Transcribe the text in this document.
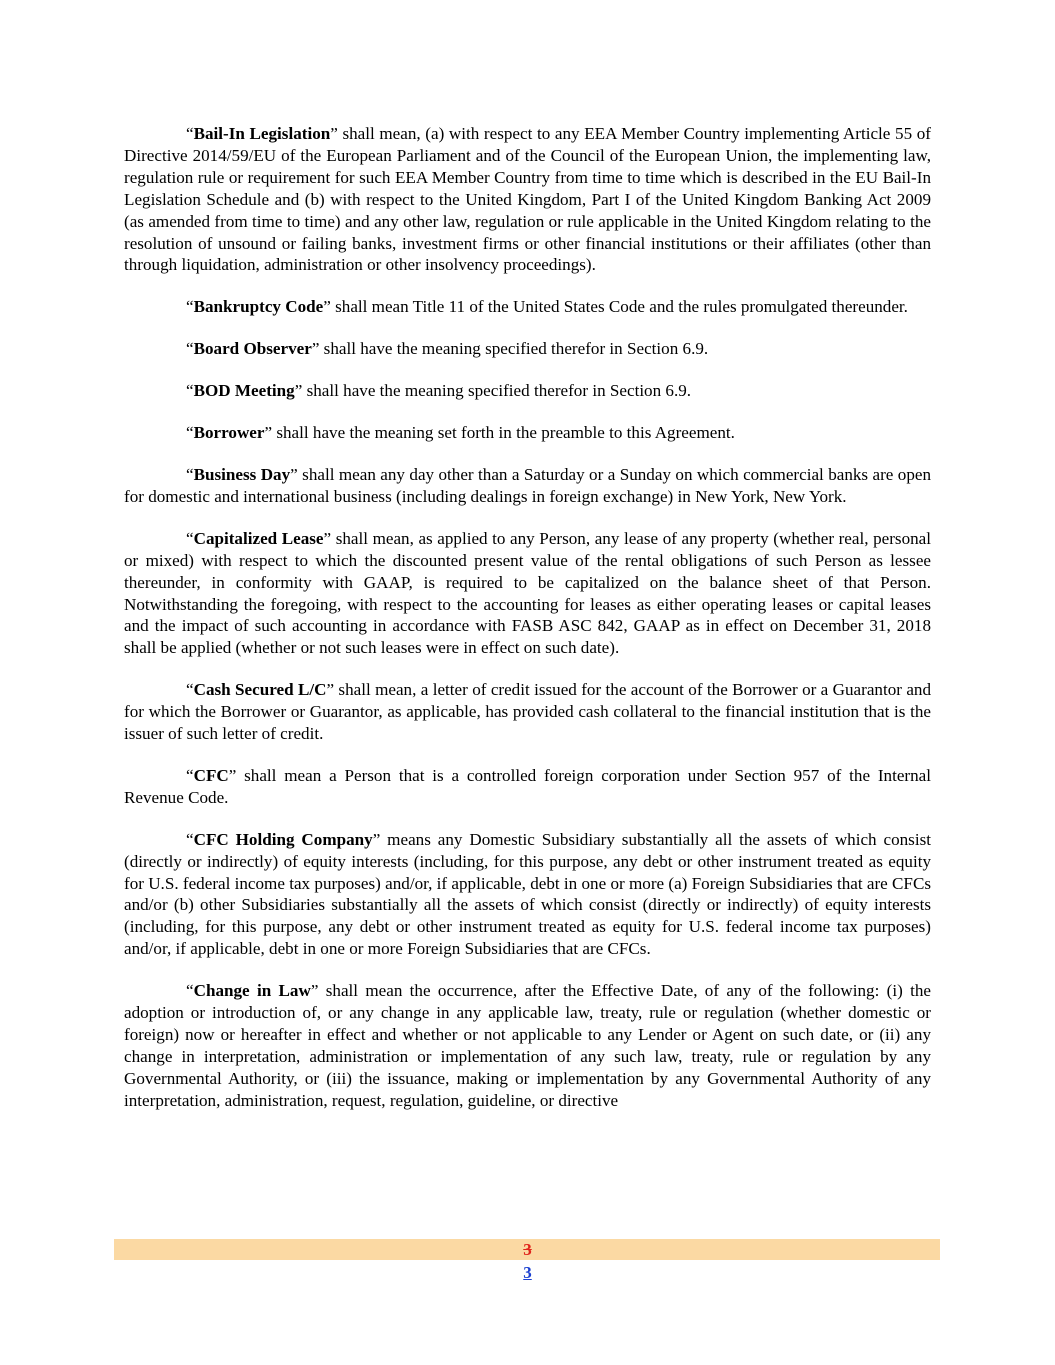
“Bail-In Legislation” shall mean, (a) with respect to any EEA Member Country implementing Article 55 of Directive 2014/59/EU of the European Parliament and of the Council of the European Union, the implementing law, regulation rule or requirement for such EEA Member Country from time to time which is described in the EU Bail-In Legislation Schedule and (b) with respect to the United Kingdom, Part I of the United Kingdom Banking Act 2009 (as amended from time to time) and any other law, regulation or rule applicable in the United Kingdom relating to the resolution of unsound or failing banks, investment firms or other financial institutions or their affiliates (other than through liquidation, administration or other insolvency proceedings).

“Bankruptcy Code” shall mean Title 11 of the United States Code and the rules promulgated thereunder.

“Board Observer” shall have the meaning specified therefor in Section 6.9.

“BOD Meeting” shall have the meaning specified therefor in Section 6.9.

“Borrower” shall have the meaning set forth in the preamble to this Agreement.

“Business Day” shall mean any day other than a Saturday or a Sunday on which commercial banks are open for domestic and international business (including dealings in foreign exchange) in New York, New York.

“Capitalized Lease” shall mean, as applied to any Person, any lease of any property (whether real, personal or mixed) with respect to which the discounted present value of the rental obligations of such Person as lessee thereunder, in conformity with GAAP, is required to be capitalized on the balance sheet of that Person. Notwithstanding the foregoing, with respect to the accounting for leases as either operating leases or capital leases and the impact of such accounting in accordance with FASB ASC 842, GAAP as in effect on December 31, 2018 shall be applied (whether or not such leases were in effect on such date).

“Cash Secured L/C” shall mean, a letter of credit issued for the account of the Borrower or a Guarantor and for which the Borrower or Guarantor, as applicable, has provided cash collateral to the financial institution that is the issuer of such letter of credit.

“CFC” shall mean a Person that is a controlled foreign corporation under Section 957 of the Internal Revenue Code.

“CFC Holding Company” means any Domestic Subsidiary substantially all the assets of which consist (directly or indirectly) of equity interests (including, for this purpose, any debt or other instrument treated as equity for U.S. federal income tax purposes) and/or, if applicable, debt in one or more (a) Foreign Subsidiaries that are CFCs and/or (b) other Subsidiaries substantially all the assets of which consist (directly or indirectly) of equity interests (including, for this purpose, any debt or other instrument treated as equity for U.S. federal income tax purposes) and/or, if applicable, debt in one or more Foreign Subsidiaries that are CFCs.

“Change in Law” shall mean the occurrence, after the Effective Date, of any of the following: (i) the adoption or introduction of, or any change in any applicable law, treaty, rule or regulation (whether domestic or foreign) now or hereafter in effect and whether or not applicable to any Lender or Agent on such date, or (ii) any change in interpretation, administration or implementation of any such law, treaty, rule or regulation by any Governmental Authority, or (iii) the issuance, making or implementation by any Governmental Authority of any interpretation, administration, request, regulation, guideline, or directive

3
3
